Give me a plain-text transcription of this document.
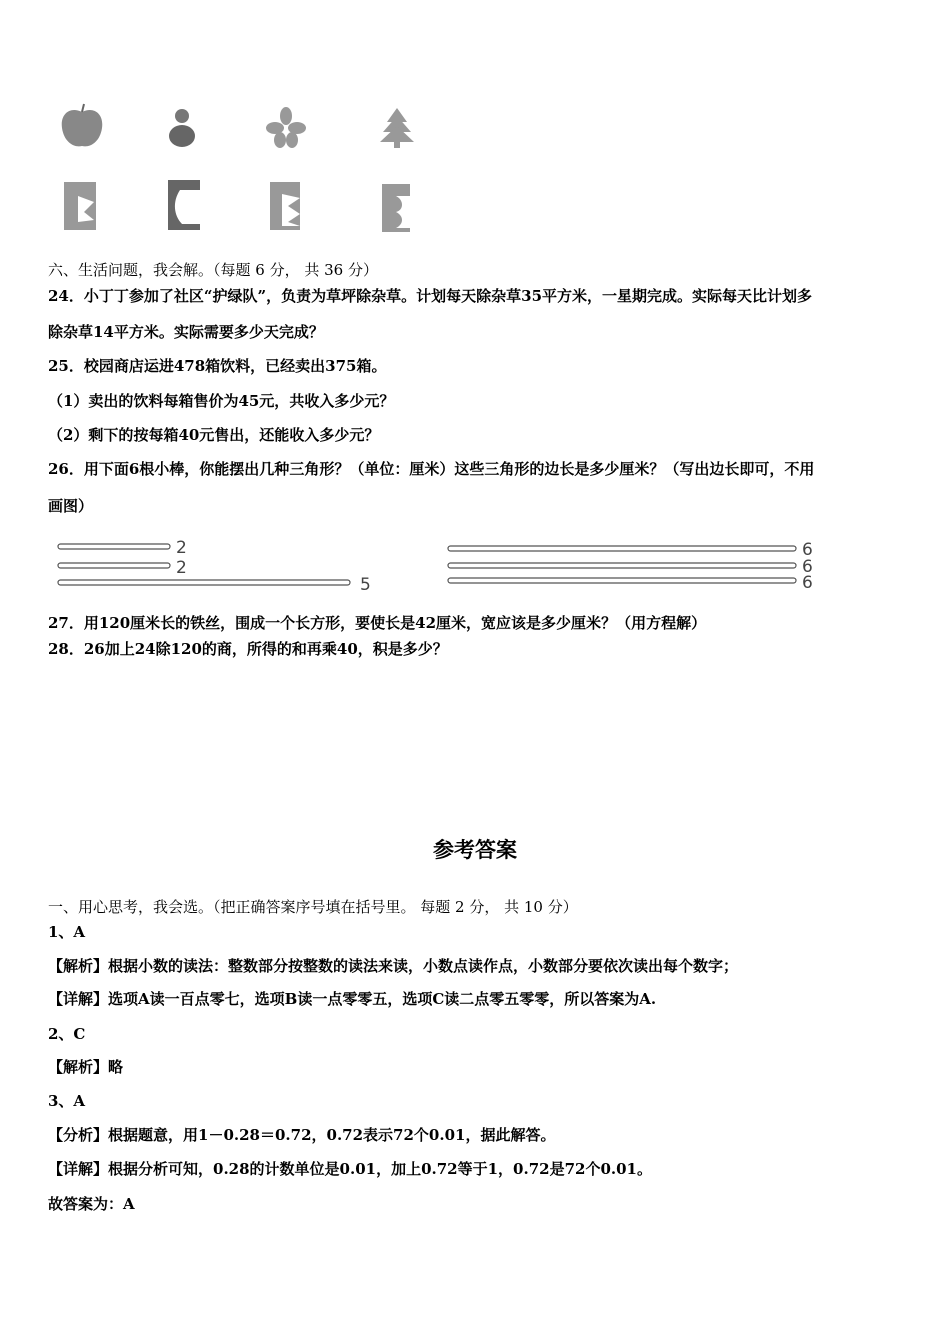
六、生活问题，我会解。（每题 6 分， 共 36 分）
24．小丁丁参加了社区“护绿队”，负责为草坪除杂草。计划每天除杂草35平方米，一星期完成。实际每天比计划多
除杂草14平方米。实际需要多少天完成？
25．校园商店运进478箱饮料，已经卖出375箱。
（1）卖出的饮料每箱售价为45元，共收入多少元？
（2）剩下的按每箱40元售出，还能收入多少元？
26．用下面6根小棒，你能摆出几种三角形？（单位：厘米）这些三角形的边长是多少厘米？（写出边长即可，不用
画图）
2
2
5
6
6
6
27．用120厘米长的铁丝，围成一个长方形，要使长是42厘米，宽应该是多少厘米？（用方程解）
28．26加上24除120的商，所得的和再乘40，积是多少？
参考答案
一、用心思考，我会选。（把正确答案序号填在括号里。 每题 2 分， 共 10 分）
1、A
【解析】根据小数的读法：整数部分按整数的读法来读，小数点读作点，小数部分要依次读出每个数字；
【详解】选项A读一百点零七，选项B读一点零零五，选项C读二点零五零零，所以答案为A.
2、C
【解析】略
3、A
【分析】根据题意，用1－0.28＝0.72，0.72表示72个0.01，据此解答。
【详解】根据分析可知，0.28的计数单位是0.01，加上0.72等于1，0.72是72个0.01。
故答案为：A
